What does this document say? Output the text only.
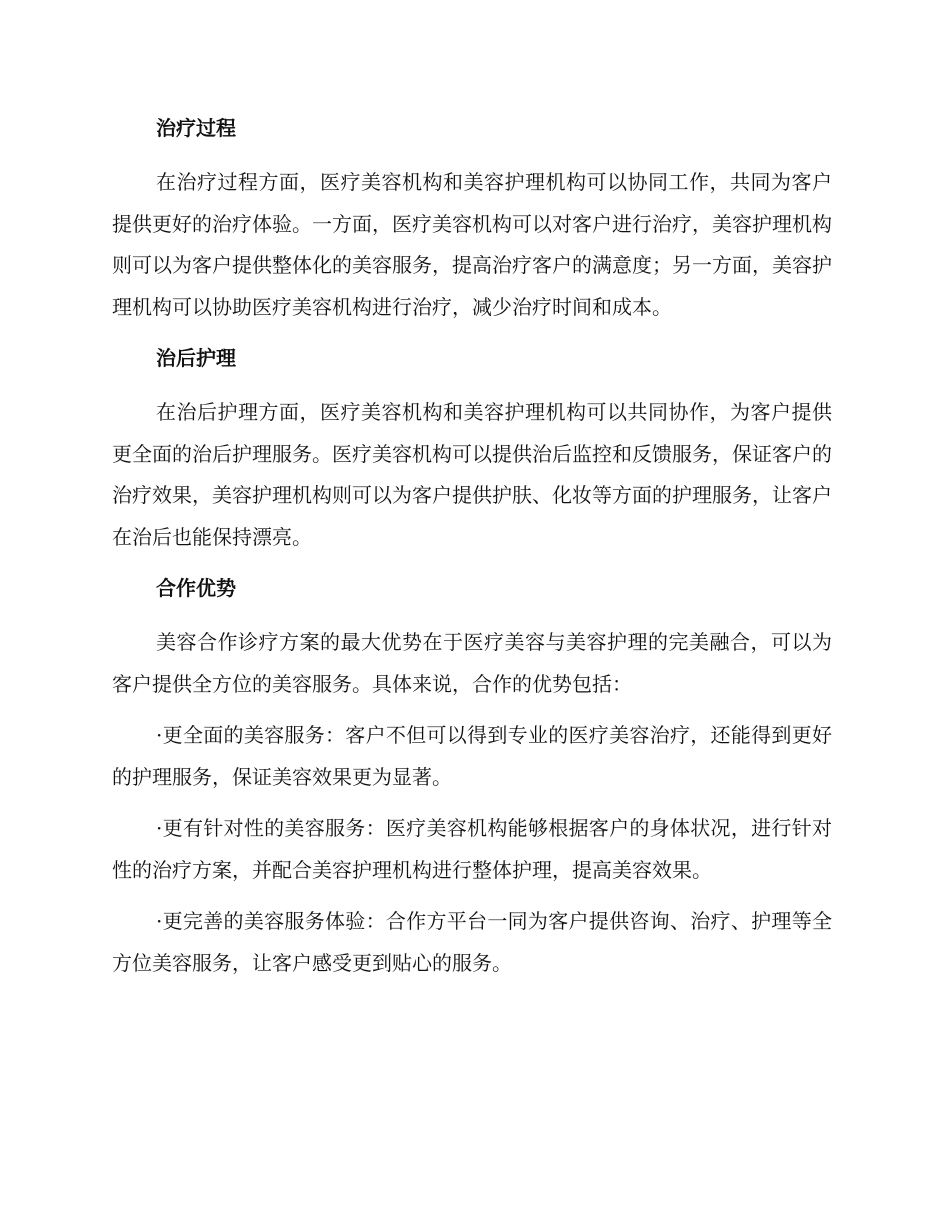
治疗过程

在治疗过程方面，医疗美容机构和美容护理机构可以协同工作，共同为客户提供更好的治疗体验。一方面，医疗美容机构可以对客户进行治疗，美容护理机构则可以为客户提供整体化的美容服务，提高治疗客户的满意度；另一方面，美容护理机构可以协助医疗美容机构进行治疗，减少治疗时间和成本。

治后护理

在治后护理方面，医疗美容机构和美容护理机构可以共同协作，为客户提供更全面的治后护理服务。医疗美容机构可以提供治后监控和反馈服务，保证客户的治疗效果，美容护理机构则可以为客户提供护肤、化妆等方面的护理服务，让客户在治后也能保持漂亮。

合作优势

美容合作诊疗方案的最大优势在于医疗美容与美容护理的完美融合，可以为客户提供全方位的美容服务。具体来说，合作的优势包括：

·更全面的美容服务：客户不但可以得到专业的医疗美容治疗，还能得到更好的护理服务，保证美容效果更为显著。

·更有针对性的美容服务：医疗美容机构能够根据客户的身体状况，进行针对性的治疗方案，并配合美容护理机构进行整体护理，提高美容效果。

·更完善的美容服务体验：合作方平台一同为客户提供咨询、治疗、护理等全方位美容服务，让客户感受更到贴心的服务。
